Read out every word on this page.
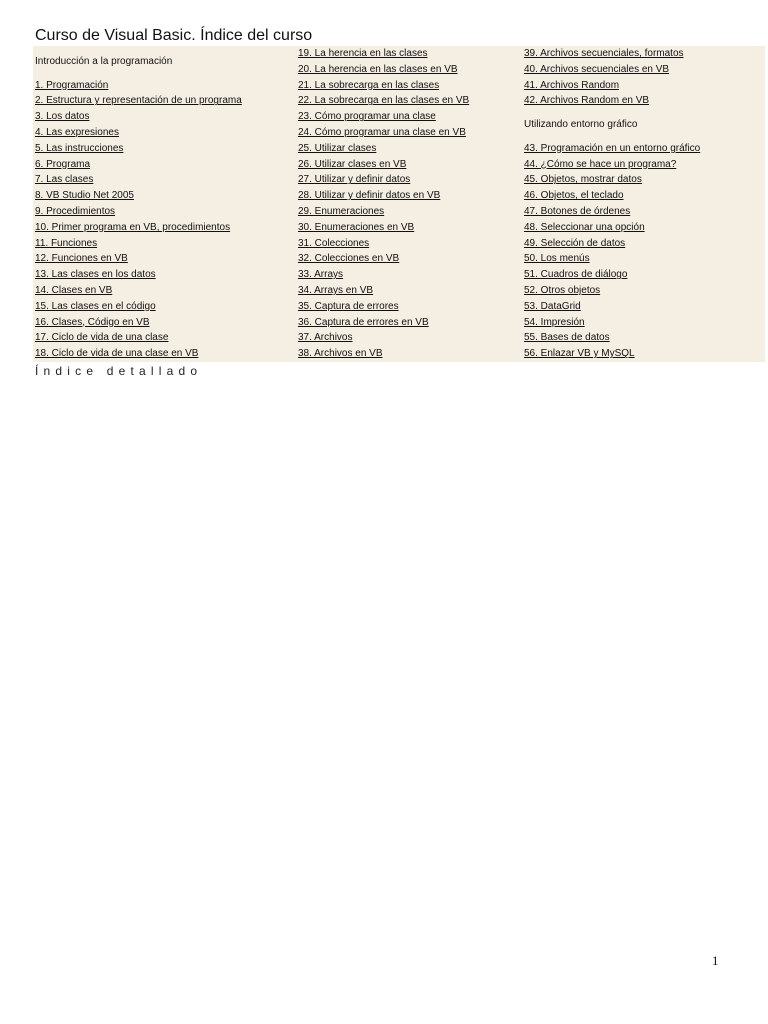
Curso de Visual Basic. Índice del curso
Introducción a la programación
1. Programación
2. Estructura y representación de un programa
3. Los datos
4. Las expresiones
5. Las instrucciones
6. Programa
7. Las clases
8. VB Studio Net 2005
9. Procedimientos
10. Primer programa en VB, procedimientos
11. Funciones
12. Funciones en VB
13. Las clases en los datos
14. Clases en VB
15. Las clases en el código
16. Clases, Código en VB
17. Ciclo de vida de una clase
18. Ciclo de vida de una clase en VB
19. La herencia en las clases
20. La herencia en las clases en VB
21. La sobrecarga en las clases
22. La sobrecarga en las clases en VB
23. Cómo programar una clase
24. Cómo programar una clase en VB
25. Utilizar clases
26. Utilizar clases en VB
27. Utilizar y definir datos
28. Utilizar y definir datos en VB
29. Enumeraciones
30. Enumeraciones en VB
31. Colecciones
32. Colecciones en VB
33. Arrays
34. Arrays en VB
35. Captura de errores
36. Captura de errores en VB
37. Archivos
38. Archivos en VB
39. Archivos secuenciales, formatos
40. Archivos secuenciales en VB
41. Archivos Random
42. Archivos Random en VB
Utilizando entorno gráfico
43. Programación en un entorno gráfico
44. ¿Cómo se hace un programa?
45. Objetos, mostrar datos
46. Objetos, el teclado
47. Botones de órdenes
48. Seleccionar una opción
49. Selección de datos
50. Los menús
51. Cuadros de diálogo
52. Otros objetos
53. DataGrid
54. Impresión
55. Bases de datos
56. Enlazar VB y MySQL
Índice detallado
1
